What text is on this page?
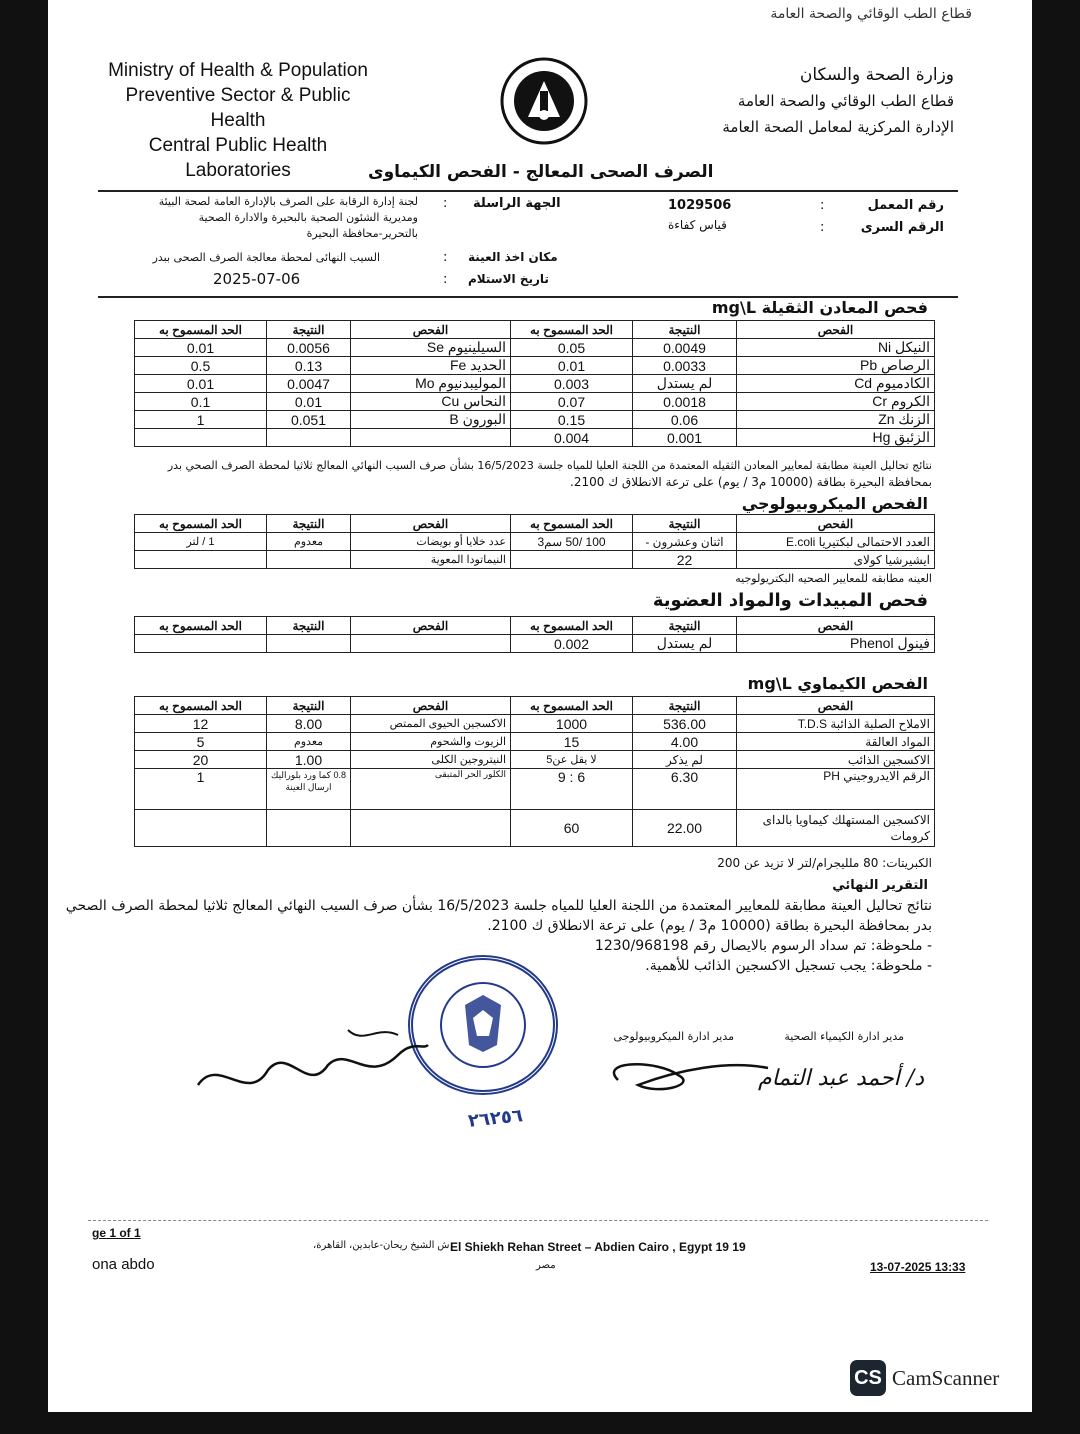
قطاع الطب الوقائي والصحة العامة
Ministry of Health & Population
Preventive Sector & Public
Health
Central Public Health
Laboratories
وزارة الصحة والسكان
قطاع الطب الوقائي والصحة العامة
الإدارة المركزية لمعامل الصحة العامة
الصرف الصحى المعالج - الفحص الكيماوى
رقم المعمل
:
1029506
الرقم السرى
:
قياس كفاءة
الجهة الراسلة
:
لجنة إدارة الرقابة على الصرف بالإدارة العامة لصحة البيئة
ومديرية الشئون الصحية بالبحيرة والادارة الصحية
بالتحرير-محافظة البحيرة
مكان اخذ العينة
:
السيب النهائى لمحطة معالجة الصرف الصحى ببدر
تاريخ الاستلام
:
2025-07-06
فحص المعادن الثقيلة mg\L
الفحص	النتيجة	الحد المسموح به	الفحص	النتيجة	الحد المسموح به
النيكل Ni	0.0049	0.05	السيلينيوم Se	0.0056	0.01
الرصاص Pb	0.0033	0.01	الحديد Fe	0.13	0.5
الكادميوم Cd	لم يستدل	0.003	الموليبدنيوم Mo	0.0047	0.01
الكروم Cr	0.0018	0.07	النحاس Cu	0.01	0.1
الزنك Zn	0.06	0.15	البورون B	0.051	1
الزئبق Hg	0.001	0.004			
نتائج تحاليل العينة مطابقة لمعايير المعادن الثقيله المعتمدة من اللجنة العليا للمياه جلسة 16/5/2023 بشأن صرف السيب النهائي المعالج ثلاثيا لمحطة الصرف الصحي بدر
بمحافظة البحيرة بطاقة (10000 م3 / يوم) على ترعة الانطلاق ك 2100.
الفحص الميكروبيولوجي
الفحص	النتيجة	الحد المسموح به	الفحص	النتيجة	الحد المسموح به
العدد الاحتمالى لبكتيريا E.coli	اثنان وعشرون -	100 /50 سم3	عدد خلايا أو بويضات	معدوم	1 / لتر
ايشيرشيا كولاى	22		النيماتودا المعوية		
العينه مطابقه للمعايير الصحيه البكتريولوجيه
فحص المبيدات والمواد العضوية
الفحص	النتيجة	الحد المسموح به	الفحص	النتيجة	الحد المسموح به
فينول Phenol	لم يستدل	0.002			
الفحص الكيماوي mg\L
الفحص	النتيجة	الحد المسموح به	الفحص	النتيجة	الحد المسموح به
الاملاح الصلبة الذائبة T.D.S	536.00	1000	الاكسجين الحيوى الممتص	8.00	12
المواد العالقة	4.00	15	الزيوت والشحوم	معدوم	5
الاكسجين الذائب	لم يذكر	لا يقل عن5	النيتروجين الكلى	1.00	20
الرقم الايدروجيني PH	6.30	6 : 9	الكلور الحر المتبقى	0.8 كما ورد بلوراليك ارسال العينة	1
الاكسجين المستهلك كيماويا بالداى كرومات	22.00	60			
الكبريتات: 80 ملليجرام/لتر لا تزيد عن 200
التقرير النهائي
نتائج تحاليل العينة مطابقة للمعايير المعتمدة من اللجنة العليا للمياه جلسة 16/5/2023 بشأن صرف السيب النهائي المعالج ثلاثيا لمحطة الصرف الصحي
بدر بمحافظة البحيرة بطاقة (10000 م3 / يوم) على ترعة الانطلاق ك 2100.
- ملحوظة: تم سداد الرسوم بالايصال رقم 1230/968198
- ملحوظة: يجب تسجيل الاكسجين الذائب للأهمية.
٢٦٢٥٦
مدير ادارة الكيمياء الصحية
مدير ادارة الميكروبيولوجى
د/ أحمد عبد التمام
ge 1 of 1
ona abdo
El Shiekh Rehan Street – Abdien Cairo , Egypt 19 19
ش الشيخ ريحان-عابدين، القاهرة،
مصر	13-07-2025 13:33
CS CamScanner
